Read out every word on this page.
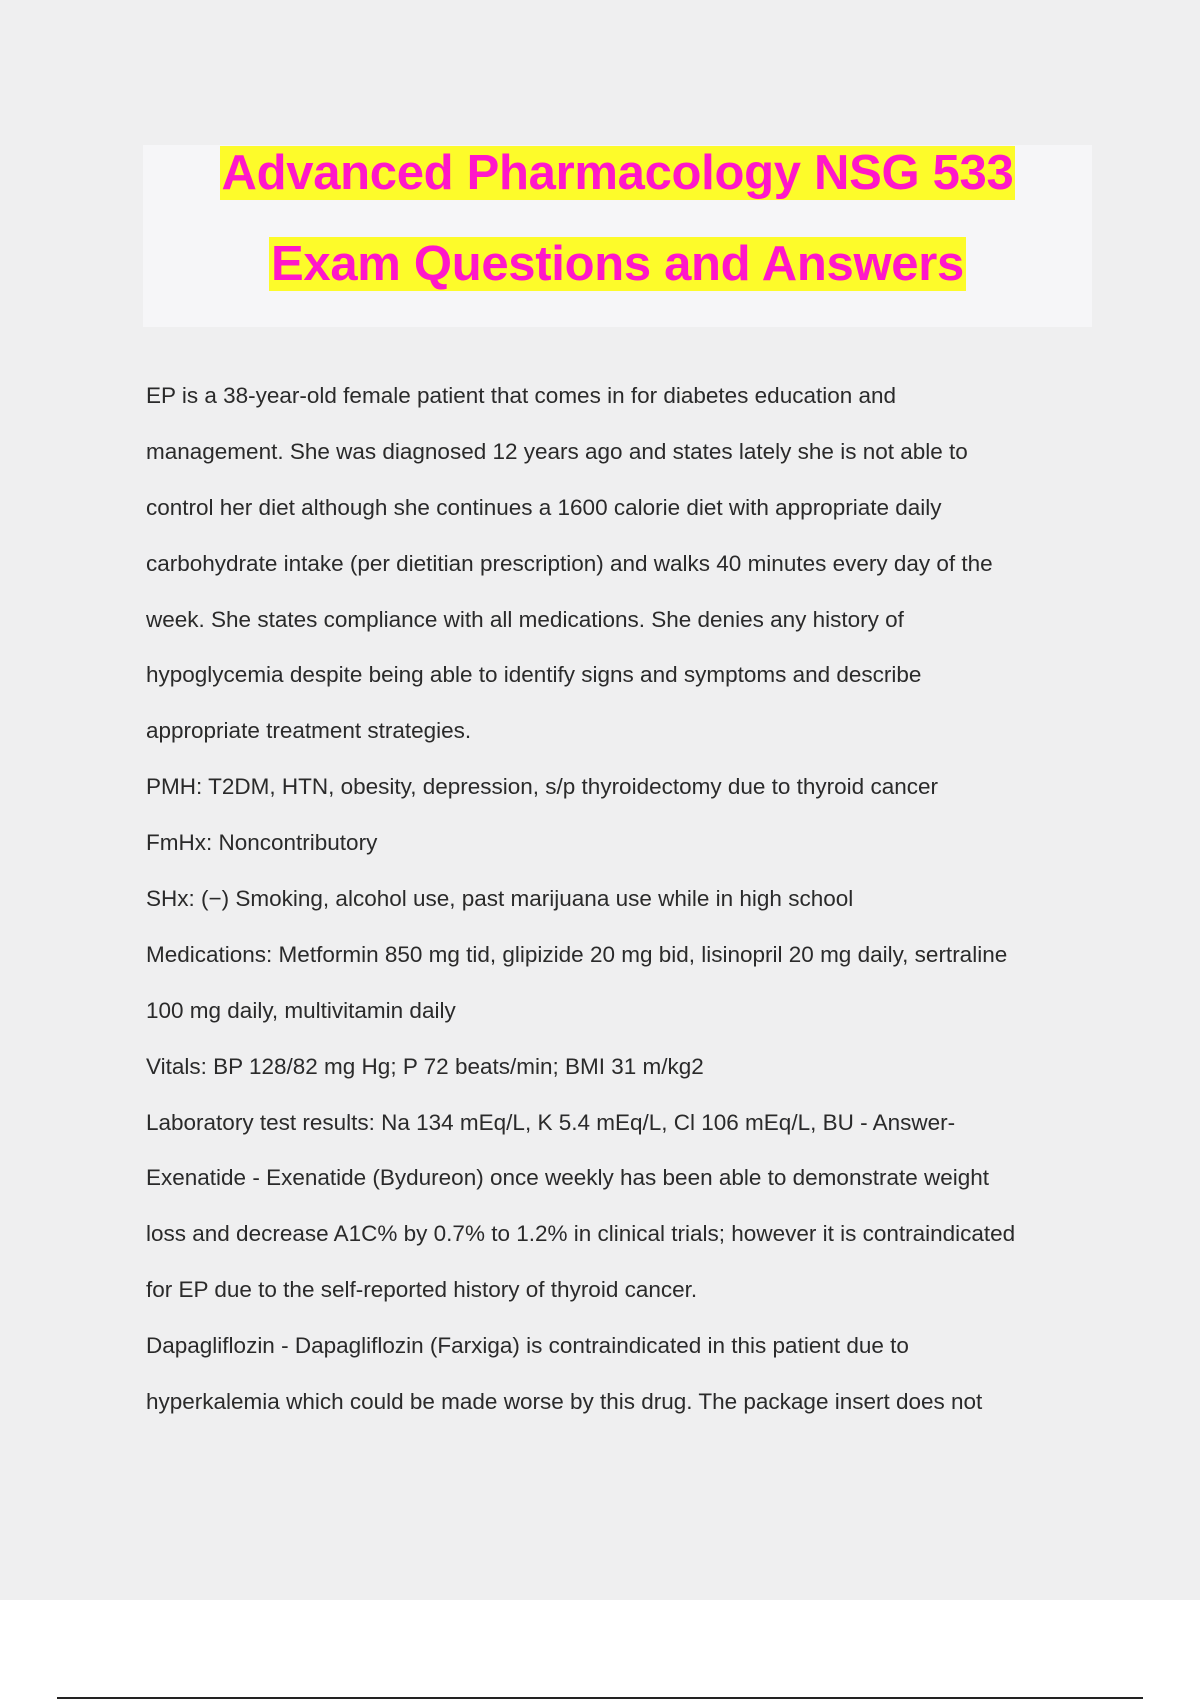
Advanced Pharmacology NSG 533
Exam Questions and Answers
EP is a 38-year-old female patient that comes in for diabetes education and
management. She was diagnosed 12 years ago and states lately she is not able to
control her diet although she continues a 1600 calorie diet with appropriate daily
carbohydrate intake (per dietitian prescription) and walks 40 minutes every day of the
week. She states compliance with all medications. She denies any history of
hypoglycemia despite being able to identify signs and symptoms and describe
appropriate treatment strategies.
PMH: T2DM, HTN, obesity, depression, s/p thyroidectomy due to thyroid cancer
FmHx: Noncontributory
SHx: (−) Smoking, alcohol use, past marijuana use while in high school
Medications: Metformin 850 mg tid, glipizide 20 mg bid, lisinopril 20 mg daily, sertraline
100 mg daily, multivitamin daily
Vitals: BP 128/82 mg Hg; P 72 beats/min; BMI 31 m/kg2
Laboratory test results: Na 134 mEq/L, K 5.4 mEq/L, Cl 106 mEq/L, BU - Answer-
Exenatide - Exenatide (Bydureon) once weekly has been able to demonstrate weight
loss and decrease A1C% by 0.7% to 1.2% in clinical trials; however it is contraindicated
for EP due to the self-reported history of thyroid cancer.
Dapagliflozin - Dapagliflozin (Farxiga) is contraindicated in this patient due to
hyperkalemia which could be made worse by this drug. The package insert does not
